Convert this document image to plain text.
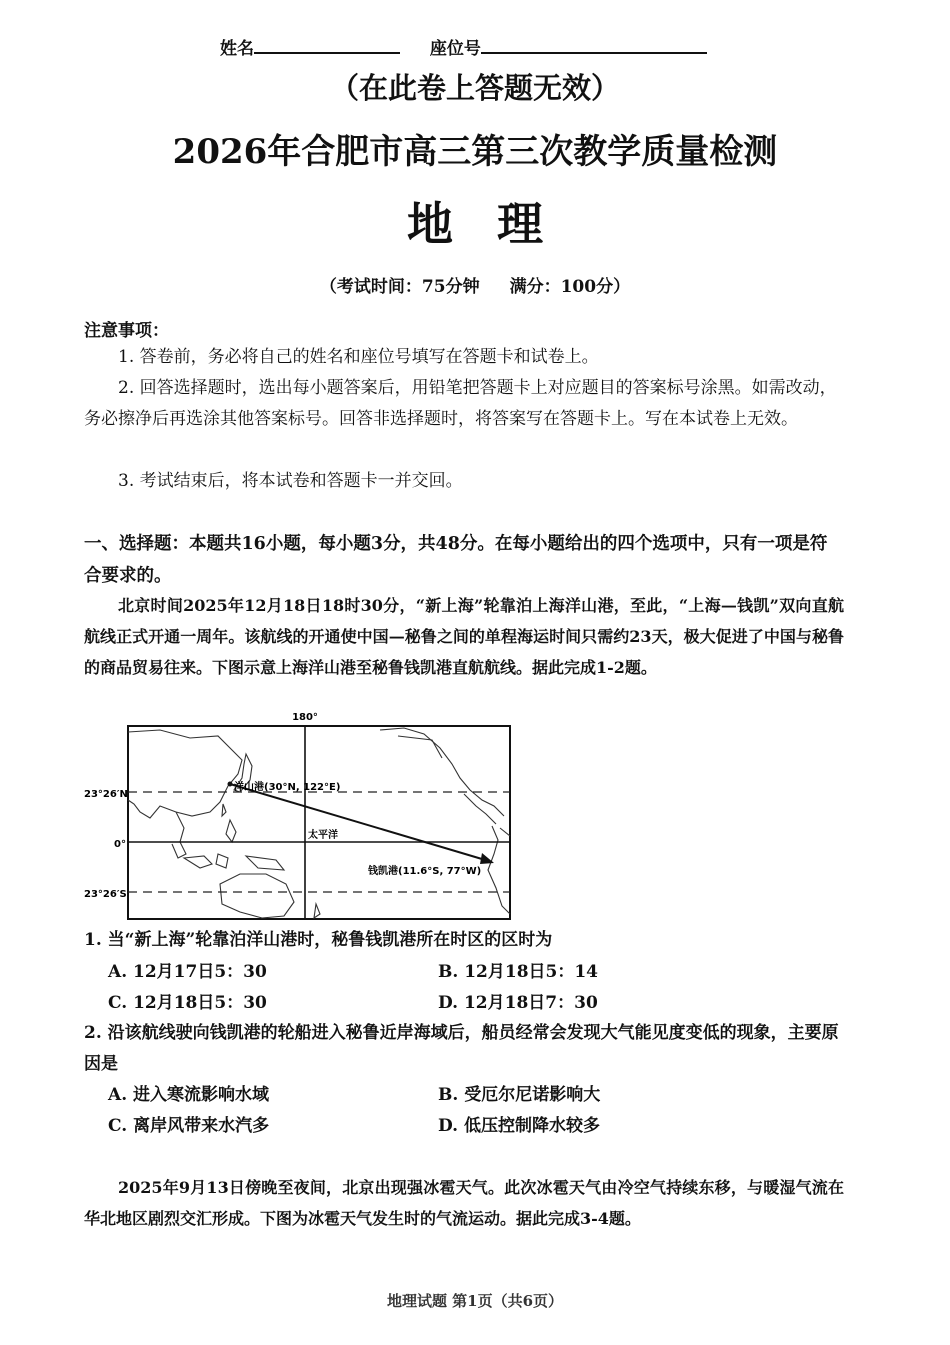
姓名	座位号
（在此卷上答题无效）
2026年合肥市高三第三次教学质量检测
地理
（考试时间：75分钟 满分：100分）
注意事项：
1. 答卷前，务必将自己的姓名和座位号填写在答题卡和试卷上。
2. 回答选择题时，选出每小题答案后，用铅笔把答题卡上对应题目的答案标号涂黑。如需改动，务必擦净后再选涂其他答案标号。回答非选择题时，将答案写在答题卡上。写在本试卷上无效。
3. 考试结束后，将本试卷和答题卡一并交回。
一、选择题：本题共16小题，每小题3分，共48分。在每小题给出的四个选项中，只有一项是符合要求的。
北京时间2025年12月18日18时30分，“新上海”轮靠泊上海洋山港，至此，“上海—钱凯”双向直航航线正式开通一周年。该航线的开通使中国—秘鲁之间的单程海运时间只需约23天，极大促进了中国与秘鲁的商品贸易往来。下图示意上海洋山港至秘鲁钱凯港直航航线。据此完成1-2题。
180°
23°26′N
0°
23°26′S
洋山港(30°N, 122°E)
太平洋
钱凯港(11.6°S, 77°W)
1. 当“新上海”轮靠泊洋山港时，秘鲁钱凯港所在时区的区时为
A. 12月17日5：30	B. 12月18日5：14
C. 12月18日5：30	D. 12月18日7：30
2. 沿该航线驶向钱凯港的轮船进入秘鲁近岸海域后，船员经常会发现大气能见度变低的现象，主要原因是
A. 进入寒流影响水域	B. 受厄尔尼诺影响大
C. 离岸风带来水汽多	D. 低压控制降水较多
2025年9月13日傍晚至夜间，北京出现强冰雹天气。此次冰雹天气由冷空气持续东移，与暖湿气流在华北地区剧烈交汇形成。下图为冰雹天气发生时的气流运动。据此完成3-4题。
地理试题 第1页（共6页）
